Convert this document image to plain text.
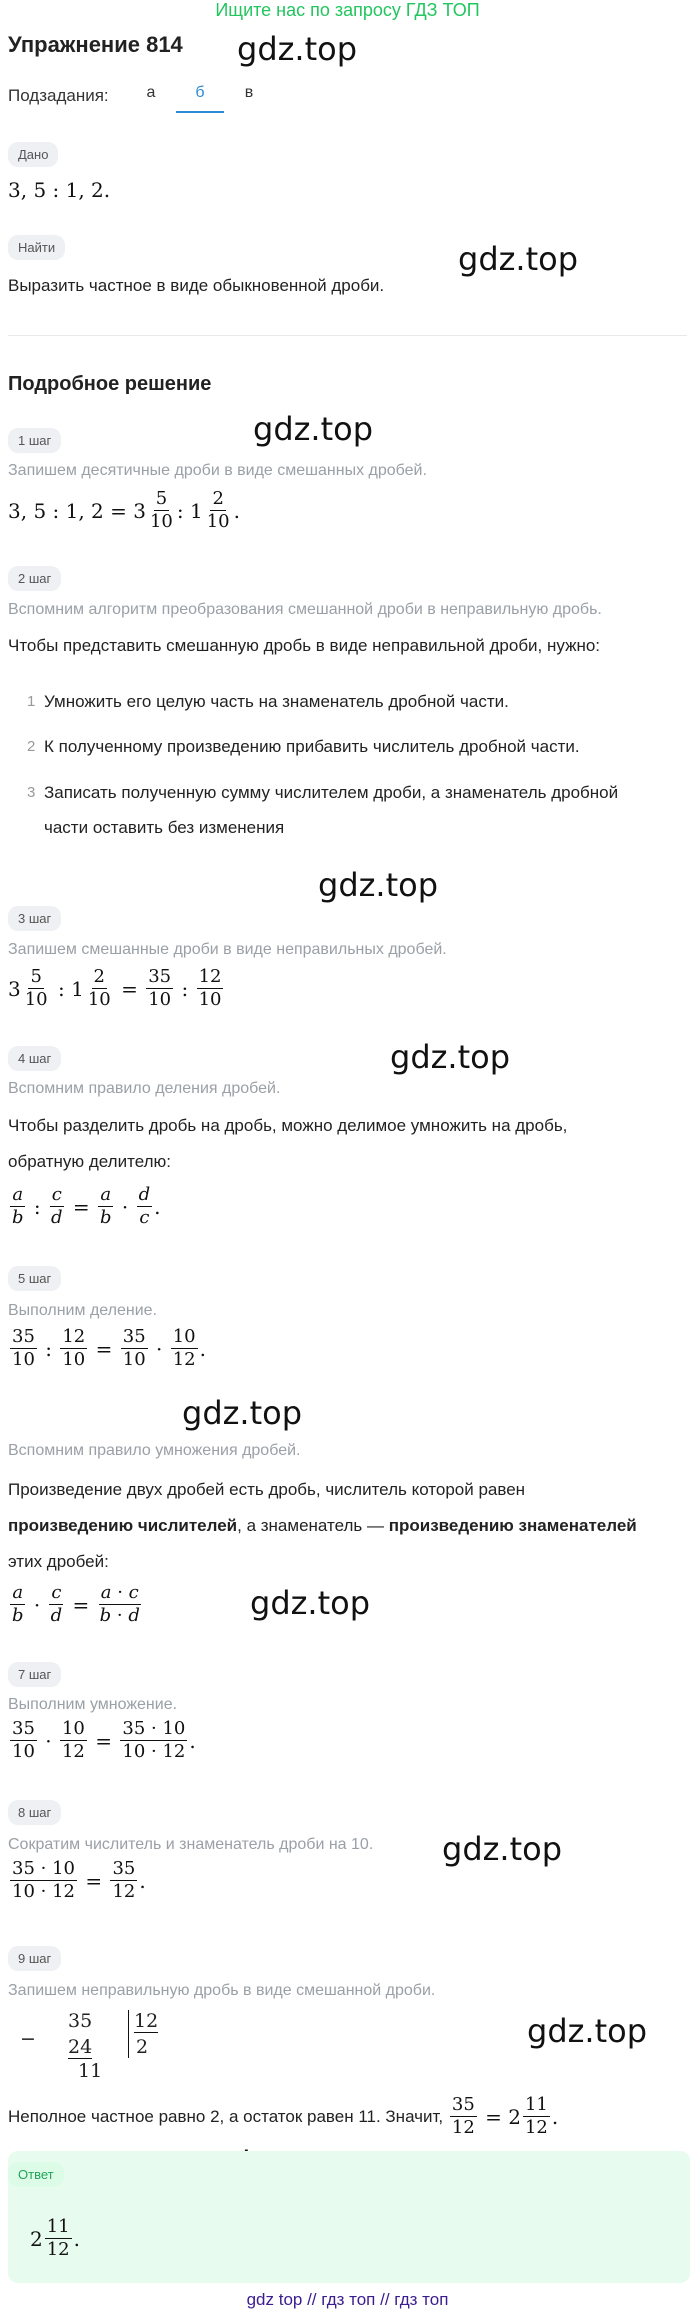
Ищите нас по запросу ГДЗ ТОП
Упражнение 814 gdz.top
gdz.top
gdz.top
gdz.top
gdz.top
gdz.top
gdz.top
gdz.top
gdz.top
Подзадания:	а	б	в
Дано
3, 5 : 1, 2.
Найти
Выразить частное в виде обыкновенной дроби.
Подробное решение
1 шаг
Запишем десятичные дроби в виде смешанных дробей.
3, 5 : 1, 2 = 3 5
10 : 1 2
10 .
2 шаг
Вспомним алгоритм преобразования смешанной дроби в неправильную дробь.
Чтобы представить смешанную дробь в виде неправильной дроби, нужно:
1 Умножить его целую часть на знаменатель дробной части.
2 К полученному произведению прибавить числитель дробной части.
3 Записать полученную сумму числителем дроби, а знаменатель дробной
части оставить без изменения
3 шаг
Запишем смешанные дроби в виде неправильных дробей.
3 5
10 : 1 2
10 = 35
10 : 12
10
4 шаг
Вспомним правило деления дробей.
Чтобы разделить дробь на дробь, можно делимое умножить на дробь,
обратную делителю:
a
b : c
d = a
b · d
c .
5 шаг
Выполним деление.
35
10 : 12
10 = 35
10 · 10
12 .
Вспомним правило умножения дробей.
Произведение двух дробей есть дробь, числитель которой равен
произведению числителей, а знаменатель — произведению знаменателей
этих дробей:
a
b · c
d = a · c
b · d
7 шаг
Выполним умножение.
35
10 · 10
12 = 35 · 10
10 · 12 .
8 шаг
Сократим числитель и знаменатель дроби на 10.
35 · 10
10 · 12 = 35
12 .
9 шаг
Запишем неправильную дробь в виде смешанной дроби.
−
35
24
11
12
2
Неполное частное равно 2, а остаток равен 11. Значит,

35
12 = 2 11
12 .
Ответ
2 11
12 .
gdz top // гдз топ // гдз топ
